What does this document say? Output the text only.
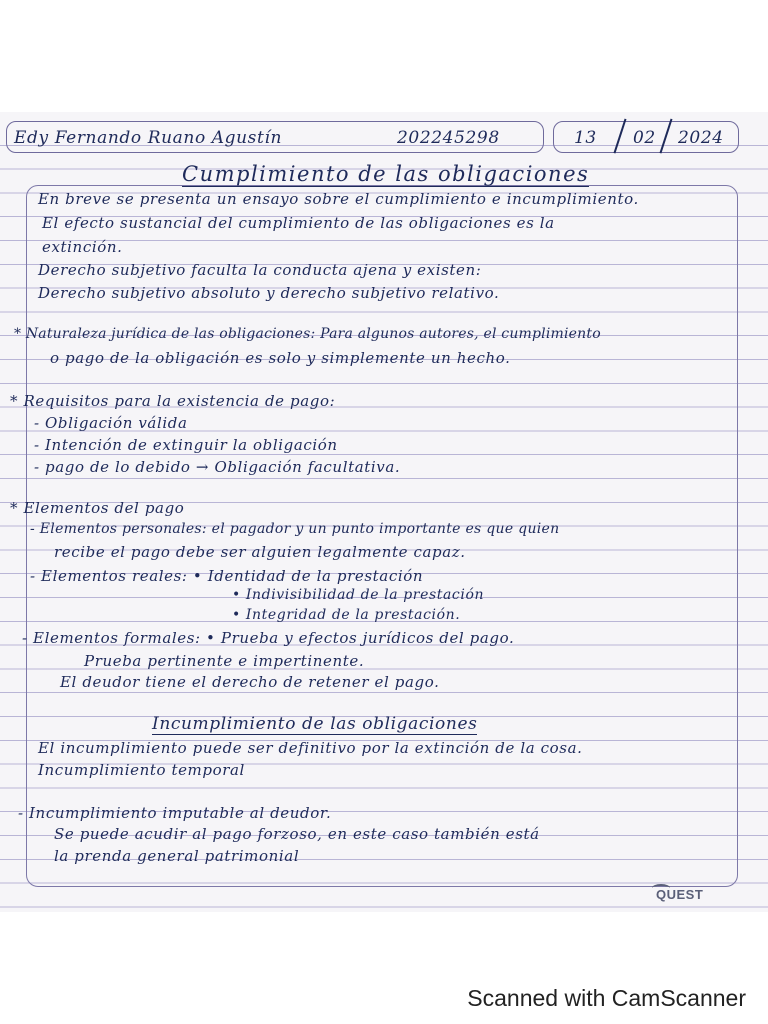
Edy Fernando Ruano Agustín	202245298	13 02 2024
Cumplimiento de las obligaciones
En breve se presenta un ensayo sobre el cumplimiento e incumplimiento.
El efecto sustancial del cumplimiento de las obligaciones es la
extinción.
Derecho subjetivo faculta la conducta ajena y existen:
Derecho subjetivo absoluto y derecho subjetivo relativo.
* Naturaleza jurídica de las obligaciones: Para algunos autores, el cumplimiento
o pago de la obligación es solo y simplemente un hecho.
* Requisitos para la existencia de pago:
- Obligación válida
- Intención de extinguir la obligación
- pago de lo debido → Obligación facultativa.
* Elementos del pago
- Elementos personales: el pagador y un punto importante es que quien
recibe el pago debe ser alguien legalmente capaz.
- Elementos reales: • Identidad de la prestación
• Indivisibilidad de la prestación
• Integridad de la prestación.
- Elementos formales: • Prueba y efectos jurídicos del pago.
Prueba pertinente e impertinente.
El deudor tiene el derecho de retener el pago.
Incumplimiento de las obligaciones
El incumplimiento puede ser definitivo por la extinción de la cosa.
Incumplimiento temporal
- Incumplimiento imputable al deudor.
Se puede acudir al pago forzoso, en este caso también está
la prenda general patrimonial
QUEST
Scanned with CamScanner
